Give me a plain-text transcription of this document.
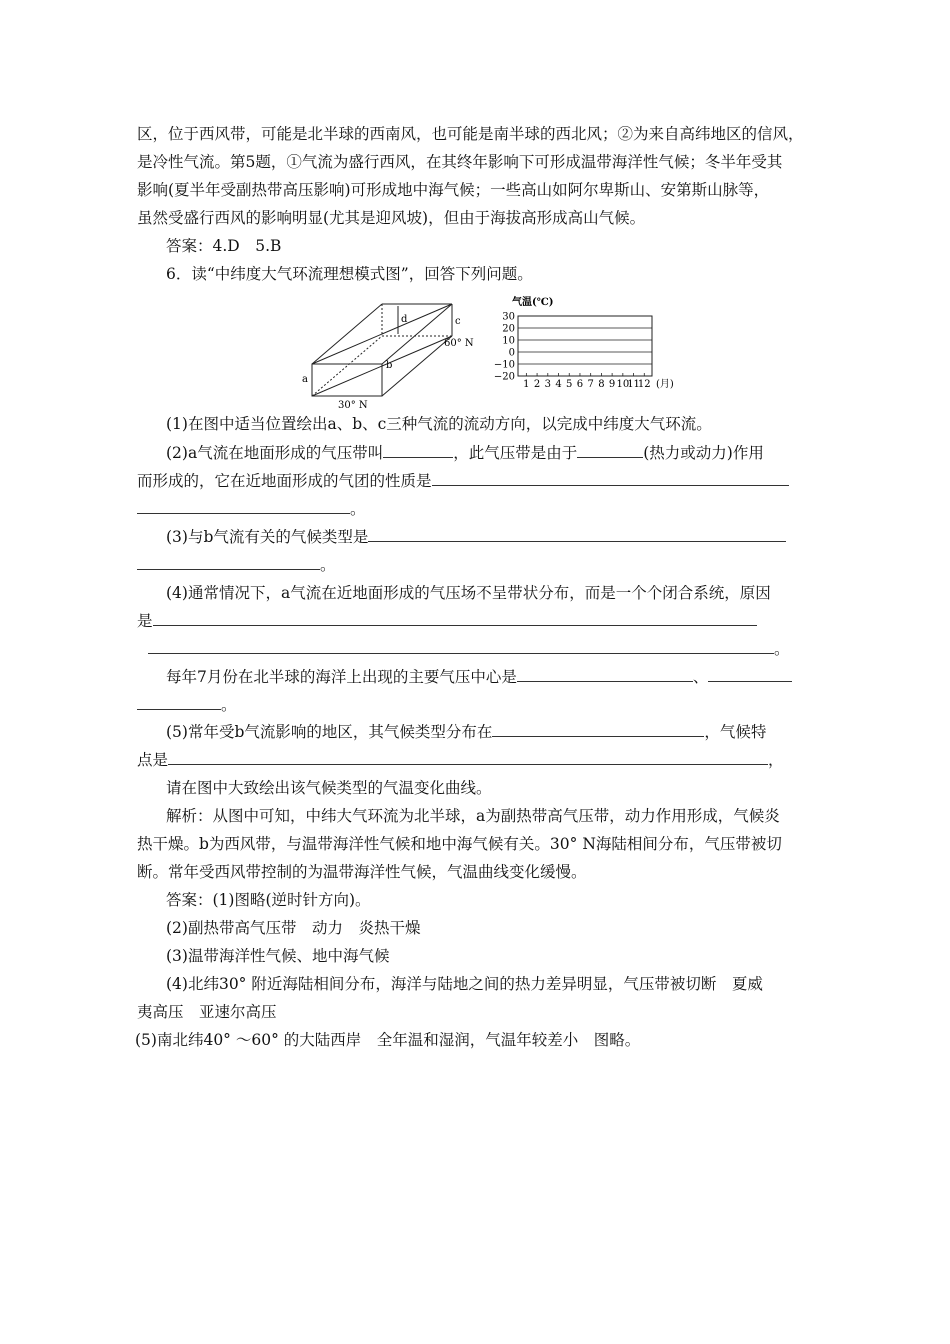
区，位于西风带，可能是北半球的西南风，也可能是南半球的西北风；②为来自高纬地区的信风，
是冷性气流。第5题，①气流为盛行西风，在其终年影响下可形成温带海洋性气候；冬半年受其
影响(夏半年受副热带高压影响)可形成地中海气候；一些高山如阿尔卑斯山、安第斯山脉等，
虽然受盛行西风的影响明显(尤其是迎风坡)，但由于海拔高形成高山气候。
答案：4.D　5.B
6．读“中纬度大气环流理想模式图”，回答下列问题。
a
b
c
d
60° N
30° N
气温(℃)
30
20
10
0
−10
−20
1 2 3 4 5 6 7 8 9 10
11
12 (月)
(1)在图中适当位置绘出a、b、c三种气流的流动方向，以完成中纬度大气环流。
(2)a气流在地面形成的气压带叫	，此气压带是由于	(热力或动力)作用
而形成的，它在近地面形成的气团的性质是
。
(3)与b气流有关的气候类型是
。
(4)通常情况下，a气流在近地面形成的气压场不呈带状分布，而是一个个闭合系统，原因
是
。
每年7月份在北半球的海洋上出现的主要气压中心是	、
。
(5)常年受b气流影响的地区，其气候类型分布在	，气候特
点是	，
请在图中大致绘出该气候类型的气温变化曲线。
解析：从图中可知，中纬大气环流为北半球，a为副热带高气压带，动力作用形成，气候炎
热干燥。b为西风带，与温带海洋性气候和地中海气候有关。30° N海陆相间分布，气压带被切
断。常年受西风带控制的为温带海洋性气候，气温曲线变化缓慢。
答案：(1)图略(逆时针方向)。
(2)副热带高气压带　动力　炎热干燥
(3)温带海洋性气候、地中海气候
(4)北纬30° 附近海陆相间分布，海洋与陆地之间的热力差异明显，气压带被切断　夏威
夷高压　亚速尔高压
(5)南北纬40° ～60° 的大陆西岸　全年温和湿润，气温年较差小　图略。
